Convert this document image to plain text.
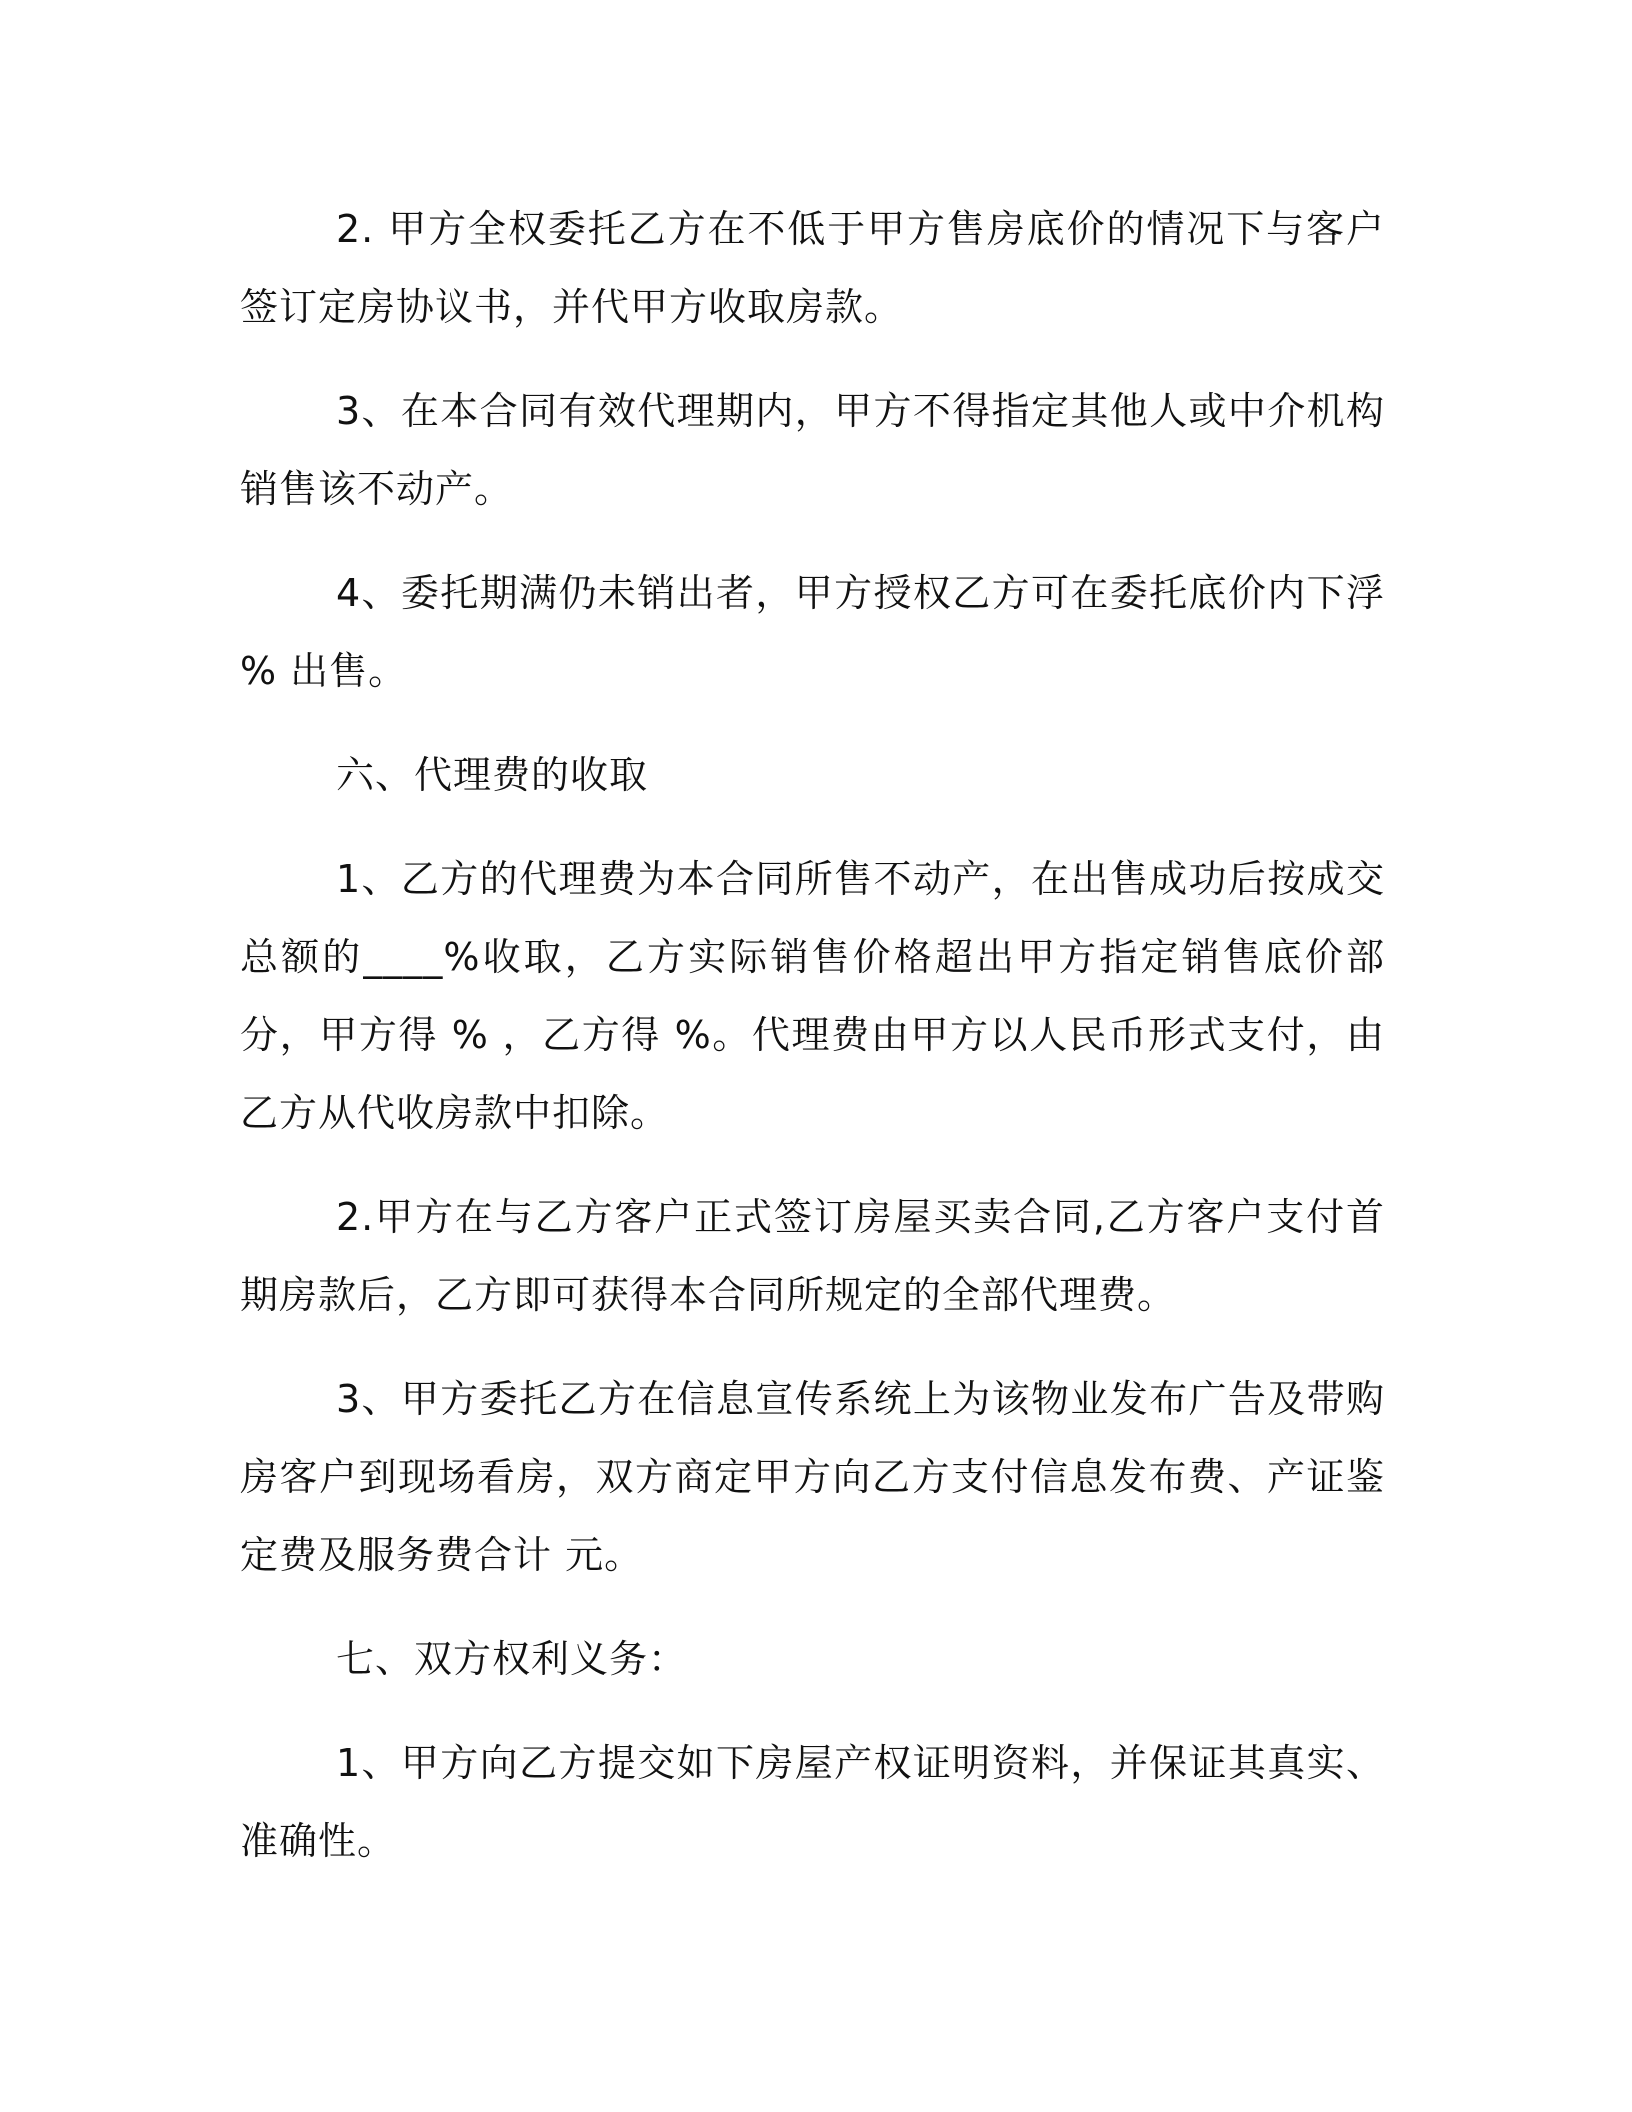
2. 甲方全权委托乙方在不低于甲方售房底价的情况下与客户签订定房协议书，并代甲方收取房款。

3、在本合同有效代理期内，甲方不得指定其他人或中介机构销售该不动产。

4、委托期满仍未销出者，甲方授权乙方可在委托底价内下浮 % 出售。

六、代理费的收取

1、乙方的代理费为本合同所售不动产，在出售成功后按成交总额的____%收取，乙方实际销售价格超出甲方指定销售底价部分，甲方得 % ，乙方得 %。代理费由甲方以人民币形式支付，由乙方从代收房款中扣除。

2.甲方在与乙方客户正式签订房屋买卖合同,乙方客户支付首期房款后，乙方即可获得本合同所规定的全部代理费。

3、甲方委托乙方在信息宣传系统上为该物业发布广告及带购房客户到现场看房，双方商定甲方向乙方支付信息发布费、产证鉴定费及服务费合计 元。

七、双方权利义务：

1、甲方向乙方提交如下房屋产权证明资料，并保证其真实、准确性。
